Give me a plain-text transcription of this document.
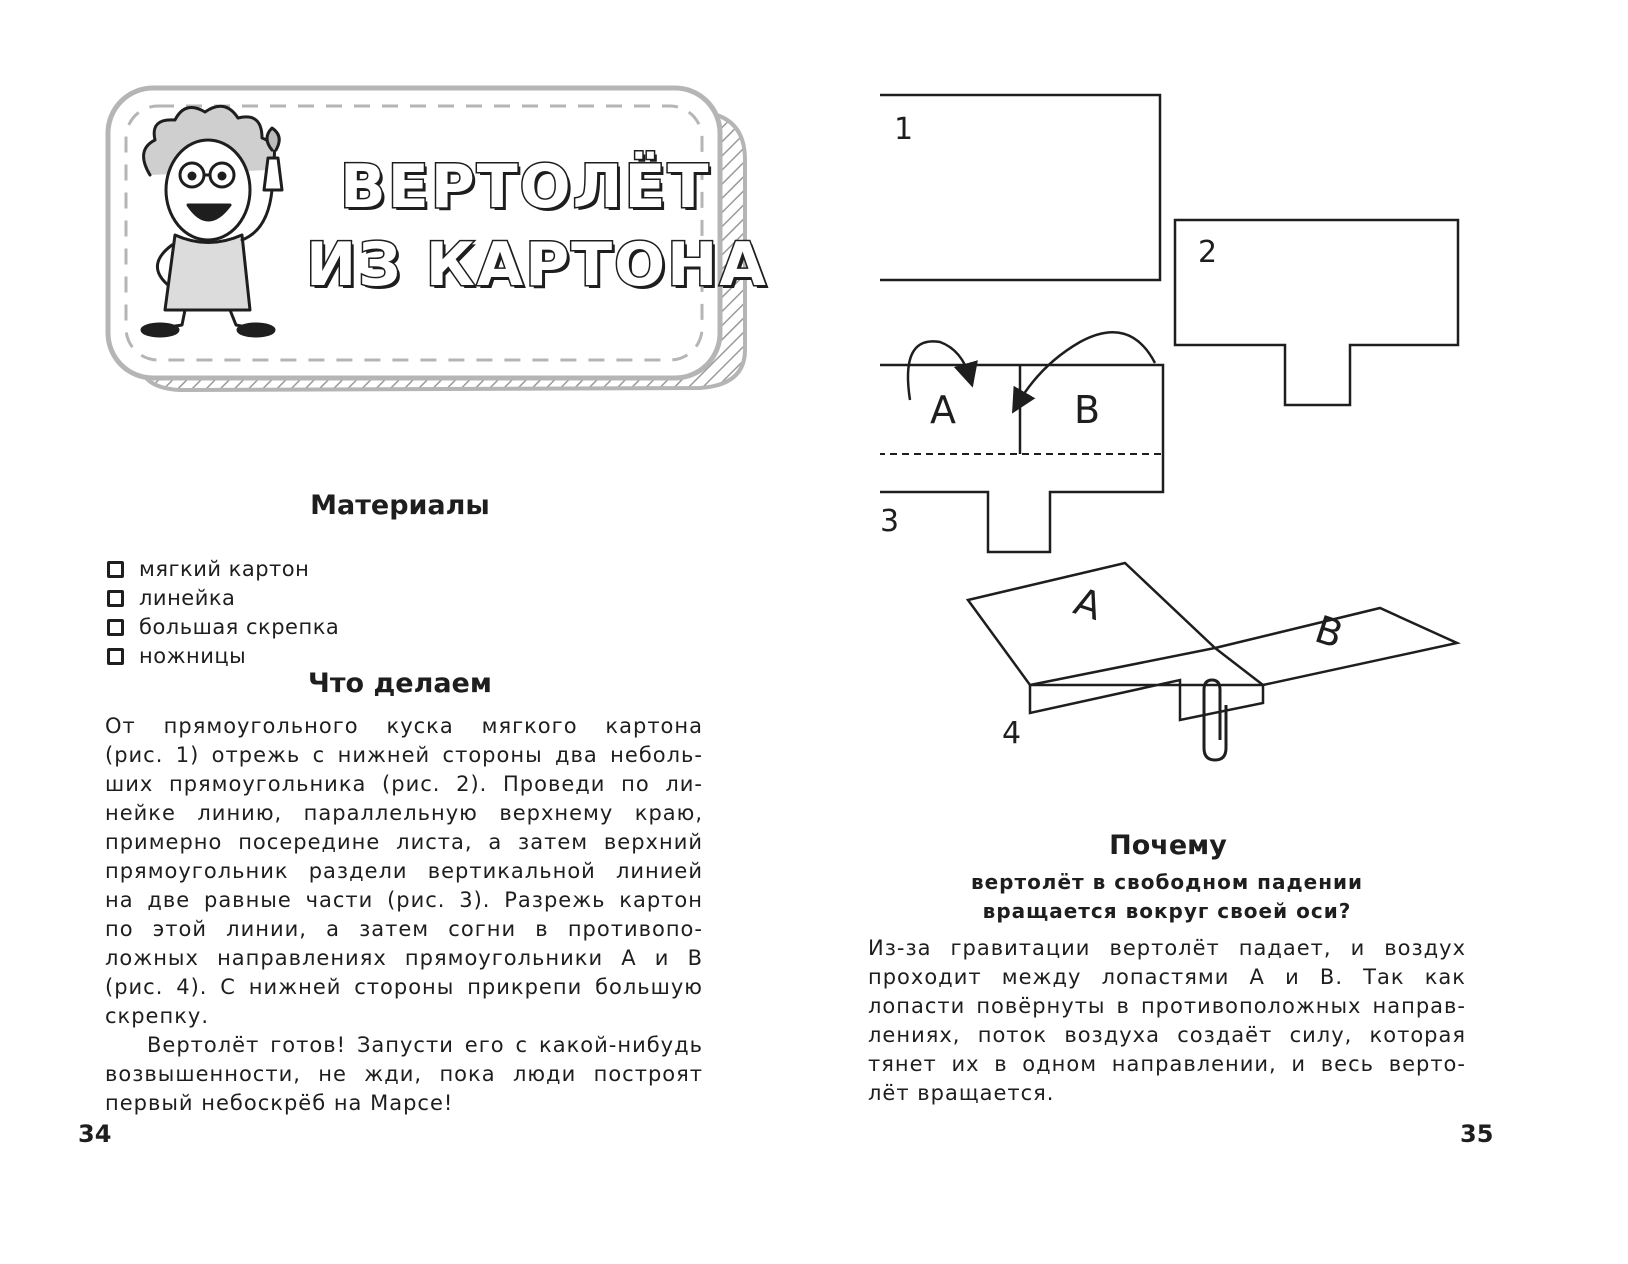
ВЕРТОЛЁТ
ИЗ КАРТОНА
Материалы
мягкий картон
линейка
большая скрепка
ножницы
Что делаем
От прямоугольного куска мягкого картона
(рис. 1) отрежь с нижней стороны два неболь-
ших прямоугольника (рис. 2). Проведи по ли-
нейке линию, параллельную верхнему краю,
примерно посередине листа, а затем верхний
прямоугольник раздели вертикальной линией
на две равные части (рис. 3). Разрежь картон
по этой линии, а затем согни в противопо-
ложных направлениях прямоугольники А и В
(рис. 4). С нижней стороны прикрепи большую
скрепку.
Вертолёт готов! Запусти его с какой-нибудь
возвышенности, не жди, пока люди построят
первый небоскрёб на Марсе!
34
1
2
3
4
А	В
А
В
Почему
вертолёт в свободном падении
вращается вокруг своей оси?
Из-за гравитации вертолёт падает, и воздух
проходит между лопастями А и В. Так как
лопасти повёрнуты в противоположных направ-
лениях, поток воздуха создаёт силу, которая
тянет их в одном направлении, и весь верто-
лёт вращается.
35
